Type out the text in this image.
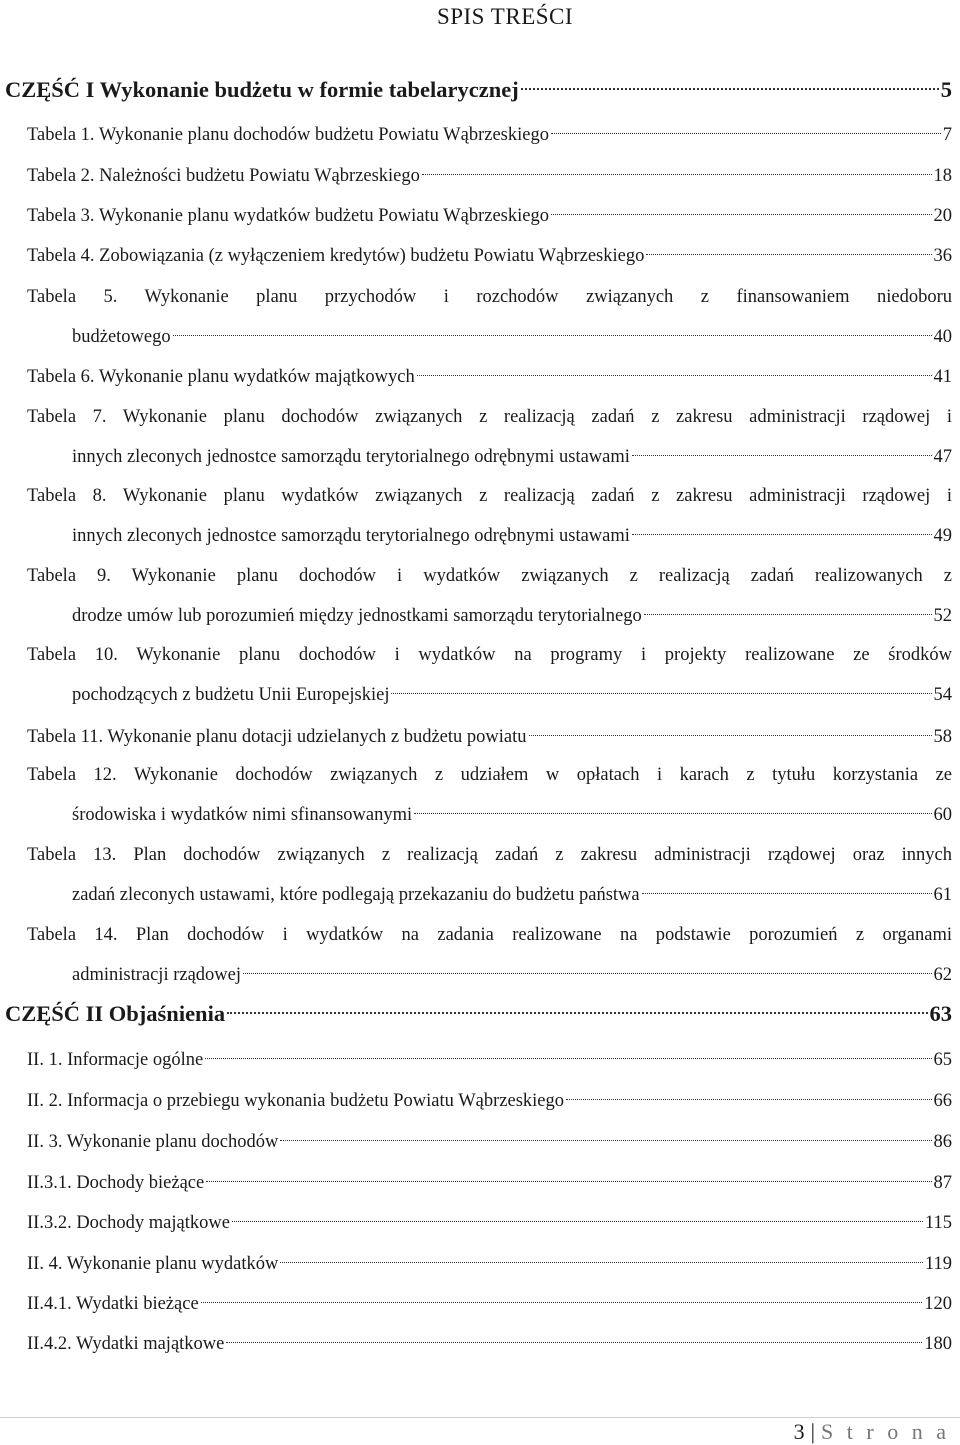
SPIS TREŚCI
CZĘŚĆ I Wykonanie budżetu w formie tabelarycznej	5
Tabela 1. Wykonanie planu dochodów budżetu Powiatu Wąbrzeskiego	7
Tabela 2. Należności budżetu Powiatu Wąbrzeskiego	18
Tabela 3. Wykonanie planu wydatków budżetu Powiatu Wąbrzeskiego	20
Tabela 4. Zobowiązania (z wyłączeniem kredytów) budżetu Powiatu Wąbrzeskiego	36
Tabela 5. Wykonanie planu przychodów i rozchodów związanych z finansowaniem niedoboru
budżetowego	40
Tabela 6. Wykonanie planu wydatków majątkowych	41
Tabela 7. Wykonanie planu dochodów związanych z realizacją zadań z zakresu administracji rządowej i
innych zleconych jednostce samorządu terytorialnego odrębnymi ustawami	47
Tabela 8. Wykonanie planu wydatków związanych z realizacją zadań z zakresu administracji rządowej i
innych zleconych jednostce samorządu terytorialnego odrębnymi ustawami	49
Tabela 9. Wykonanie planu dochodów i wydatków związanych z realizacją zadań realizowanych z
drodze umów lub porozumień między jednostkami samorządu terytorialnego	52
Tabela 10. Wykonanie planu dochodów i wydatków na programy i projekty realizowane ze środków
pochodzących z budżetu Unii Europejskiej	54
Tabela 11. Wykonanie planu dotacji udzielanych z budżetu powiatu	58
Tabela 12. Wykonanie dochodów związanych z udziałem w opłatach i karach z tytułu korzystania ze
środowiska i wydatków nimi sfinansowanymi	60
Tabela 13. Plan dochodów związanych z realizacją zadań z zakresu administracji rządowej oraz innych
zadań zleconych ustawami, które podlegają przekazaniu do budżetu państwa	61
Tabela 14. Plan dochodów i wydatków na zadania realizowane na podstawie porozumień z organami
administracji rządowej	62
CZĘŚĆ II Objaśnienia	63
II. 1. Informacje ogólne	65
II. 2. Informacja o przebiegu wykonania budżetu Powiatu Wąbrzeskiego	66
II. 3. Wykonanie planu dochodów	86
II.3.1. Dochody bieżące	87
II.3.2. Dochody majątkowe	115
II. 4. Wykonanie planu wydatków	119
II.4.1. Wydatki bieżące	120
II.4.2. Wydatki majątkowe	180
3 | S t r o n a
